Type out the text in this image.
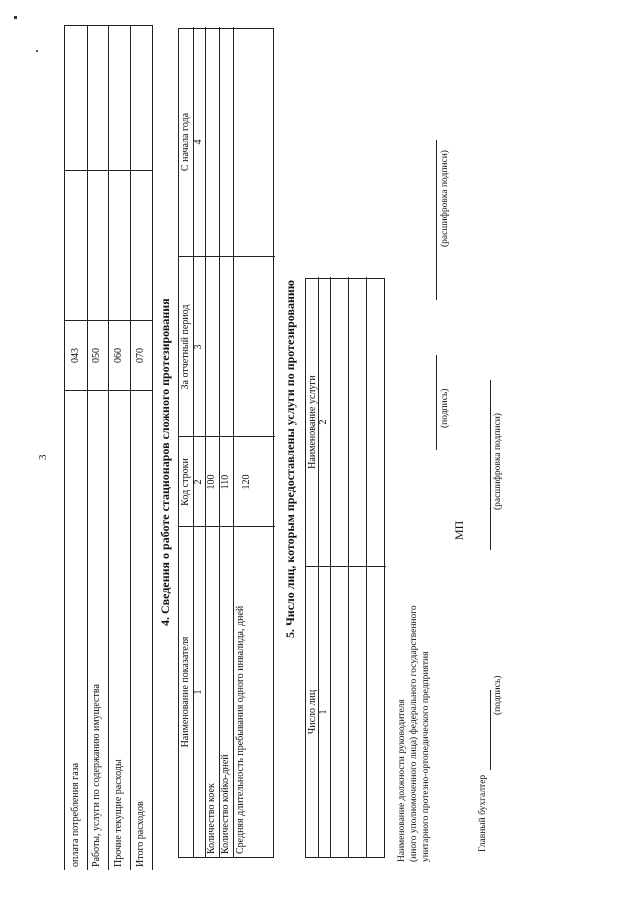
3
оплата потребления газа
043
Работы, услуги по содержанию имущества
050
Прочие текущие расходы
060
Итого расходов
070	4. Сведения о работе стационаров сложного протезирования
Наименование показателя
Код строки
За отчетный период
С начала года
1
2
3
4
Количество коек
100
Количество койко-дней
110
Средняя длительность пребывания одного инвалида, дней
120	5. Число лиц, которым предоставлены услуги по протезированию
Число лиц
Наименование услуги
1
2
Наименование должности руководителя (иного уполномоченного лица) федерального государственного унитарного протезно-ортопедического предприятия
(подпись)
(расшифровка подписи)
МП
Главный бухгалтер
(подпись)
(расшифровка подписи)
